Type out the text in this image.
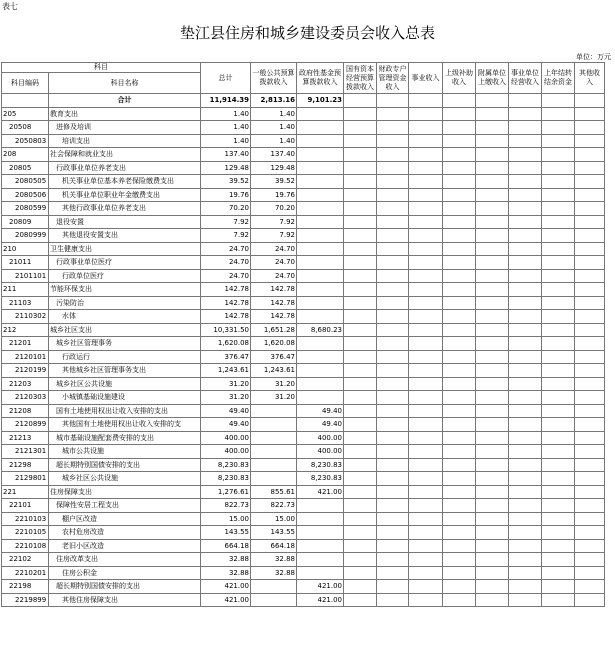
表七
垫江县住房和城乡建设委员会收入总表
单位：万元
科目		总计	一般公共预算拨款收入	政府性基金预算拨款收入	国有资本经营预算拨款收入	财政专户管理资金收入	事业收入	上级补助收入	附属单位上缴收入	事业单位经营收入	上年结转结余资金	其他收入
科目编码	科目名称											
	合计	11,914.39	2,813.16	9,101.23								
205	教育支出	1.40	1.40									
20508	进修及培训	1.40	1.40									
2050803	培训支出	1.40	1.40									
208	社会保障和就业支出	137.40	137.40									
20805	行政事业单位养老支出	129.48	129.48									
2080505	机关事业单位基本养老保险缴费支出	39.52	39.52									
2080506	机关事业单位职业年金缴费支出	19.76	19.76									
2080599	其他行政事业单位养老支出	70.20	70.20									
20809	退役安置	7.92	7.92									
2080999	其他退役安置支出	7.92	7.92									
210	卫生健康支出	24.70	24.70									
21011	行政事业单位医疗	24.70	24.70									
2101101	行政单位医疗	24.70	24.70									
211	节能环保支出	142.78	142.78									
21103	污染防治	142.78	142.78									
2110302	水体	142.78	142.78									
212	城乡社区支出	10,331.50	1,651.28	8,680.23								
21201	城乡社区管理事务	1,620.08	1,620.08									
2120101	行政运行	376.47	376.47									
2120199	其他城乡社区管理事务支出	1,243.61	1,243.61									
21203	城乡社区公共设施	31.20	31.20									
2120303	小城镇基础设施建设	31.20	31.20									
21208	国有土地使用权出让收入安排的支出	49.40		49.40								
2120899	其他国有土地使用权出让收入安排的支	49.40		49.40								
21213	城市基础设施配套费安排的支出	400.00		400.00								
2121301	城市公共设施	400.00		400.00								
21298	超长期特别国债安排的支出	8,230.83		8,230.83								
2129801	城乡社区公共设施	8,230.83		8,230.83								
221	住房保障支出	1,276.61	855.61	421.00								
22101	保障性安居工程支出	822.73	822.73									
2210103	棚户区改造	15.00	15.00									
2210105	农村危房改造	143.55	143.55									
2210108	老旧小区改造	664.18	664.18									
22102	住房改革支出	32.88	32.88									
2210201	住房公积金	32.88	32.88									
22198	超长期特别国债安排的支出	421.00		421.00								
2219899	其他住房保障支出	421.00		421.00								
